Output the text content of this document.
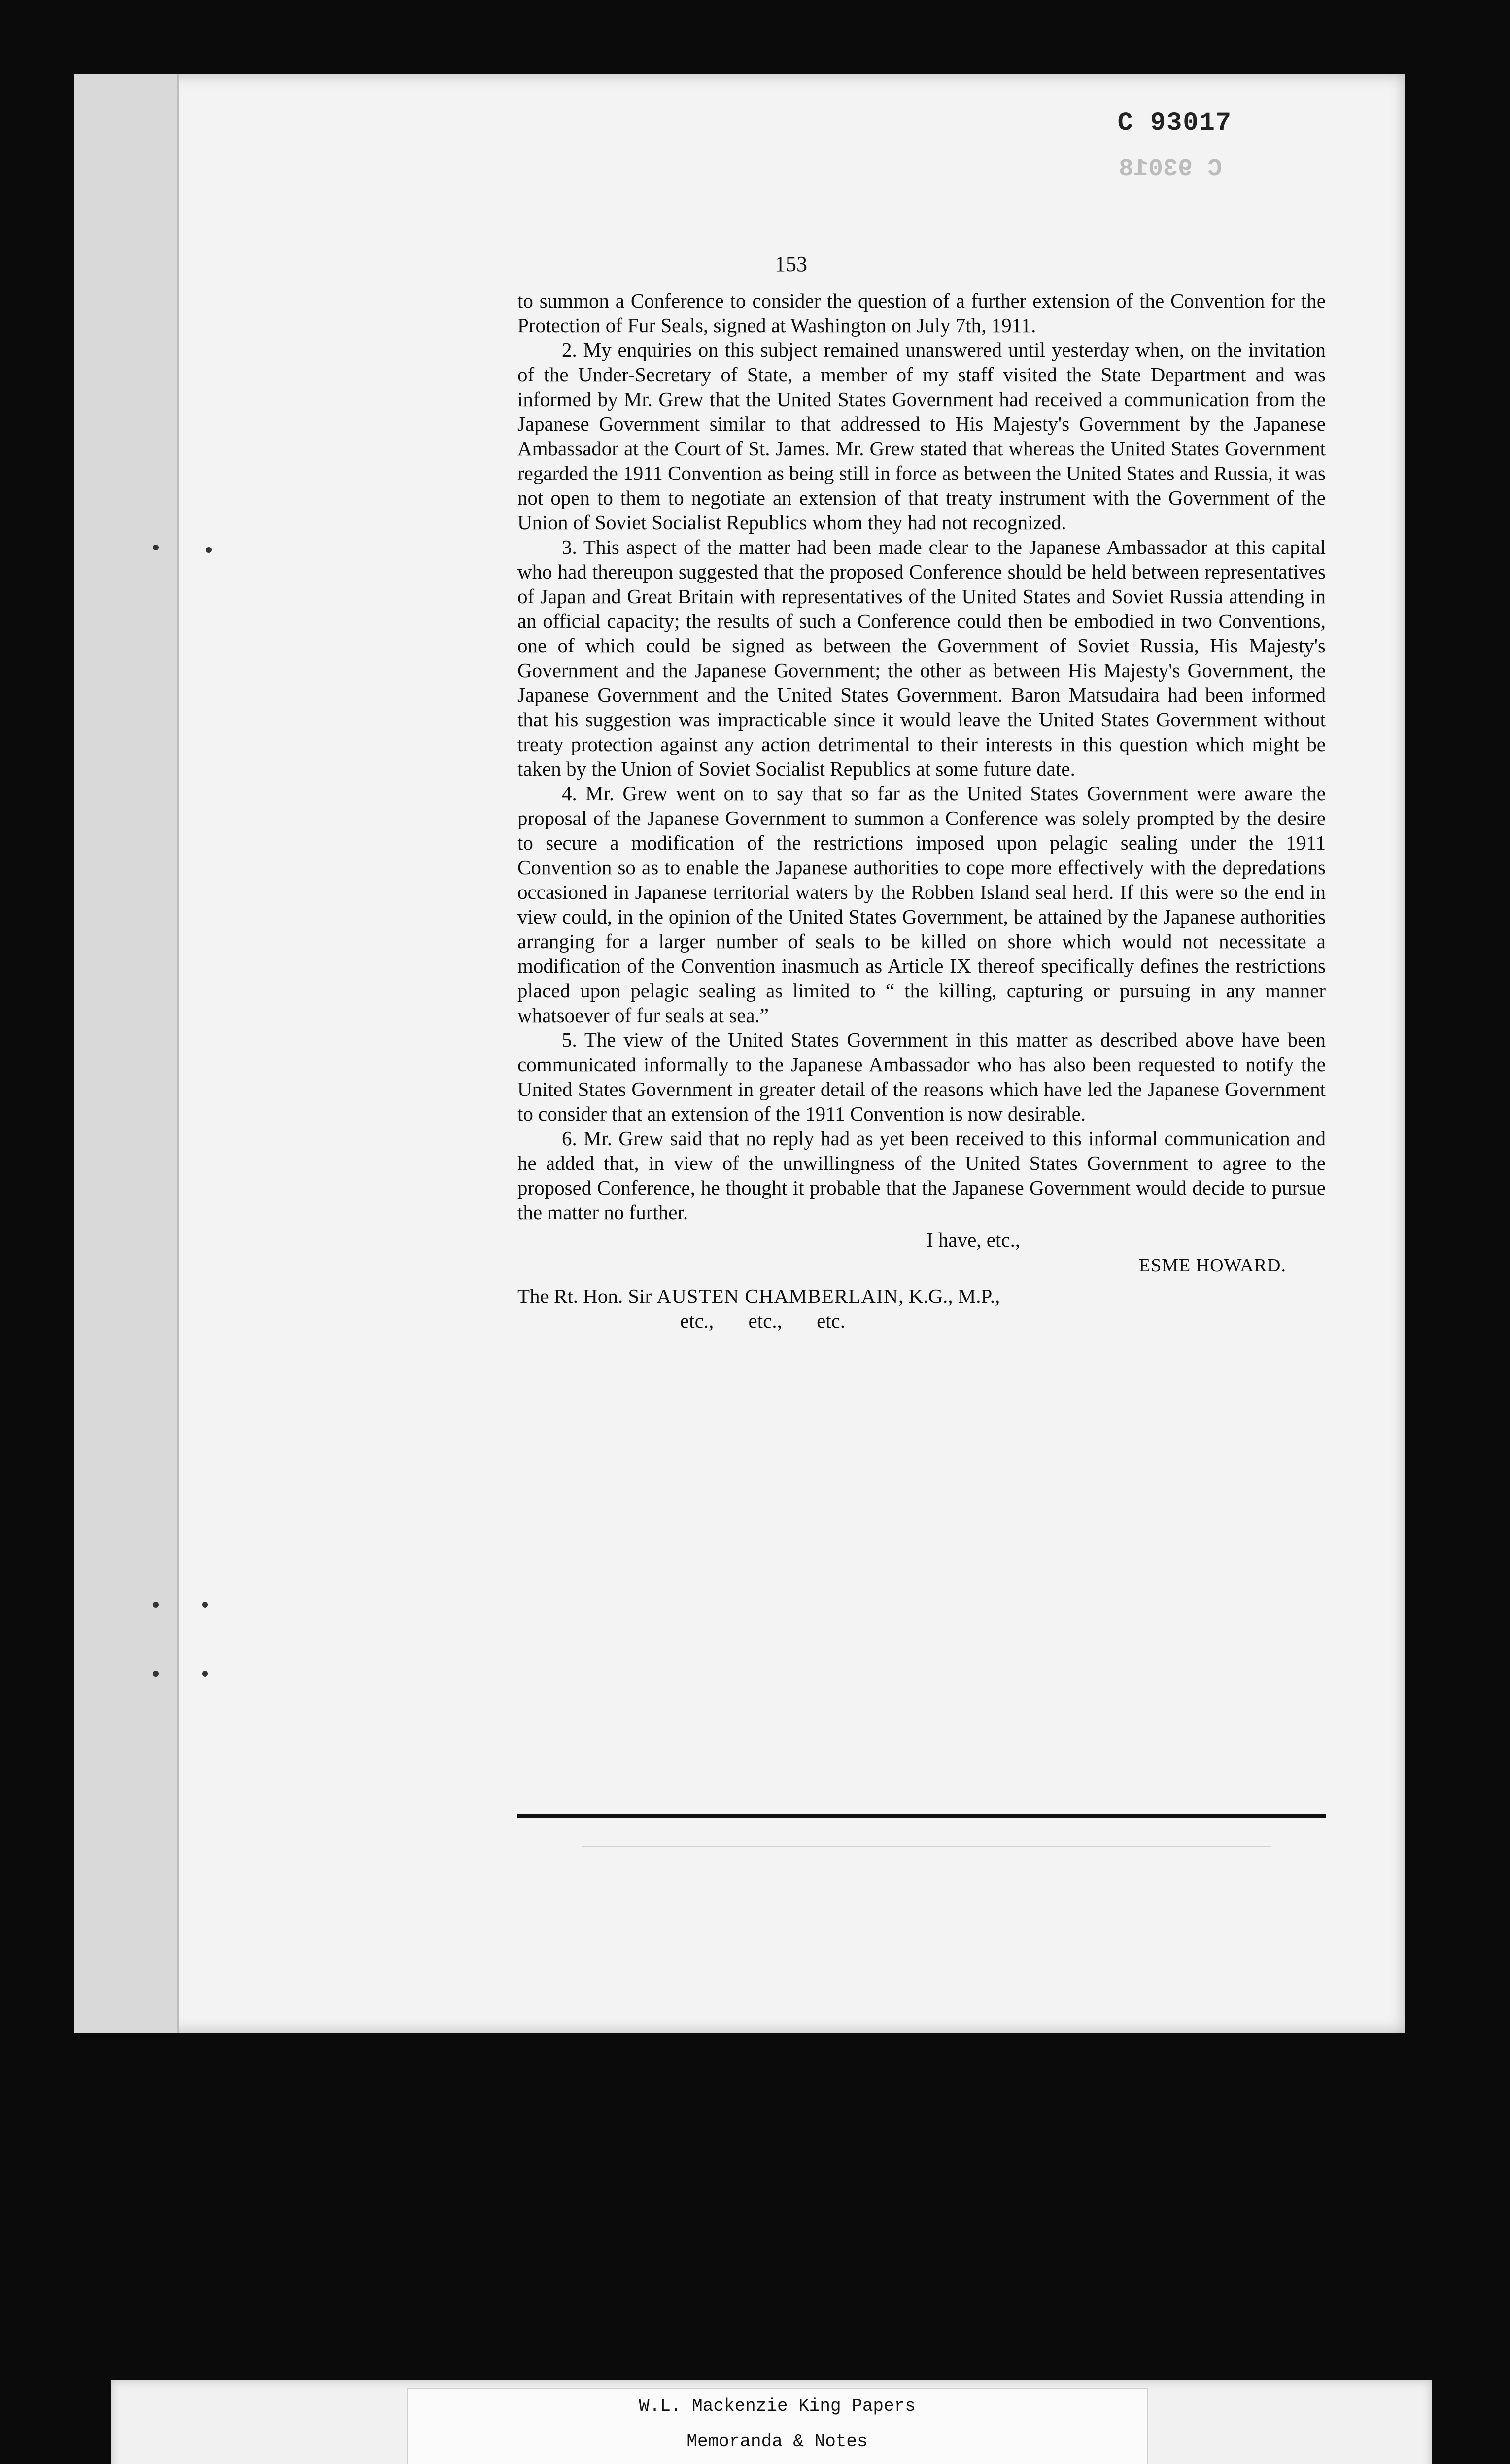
C 93018
C 93017
153

to summon a Conference to consider the question of a further extension of the Convention for the Protection of Fur Seals, signed at Washington on July 7th, 1911.

2. My enquiries on this subject remained unanswered until yesterday when, on the invitation of the Under-Secretary of State, a member of my staff visited the State Department and was informed by Mr. Grew that the United States Government had received a communication from the Japanese Government similar to that addressed to His Majesty's Government by the Japanese Ambassador at the Court of St. James. Mr. Grew stated that whereas the United States Government regarded the 1911 Convention as being still in force as between the United States and Russia, it was not open to them to negotiate an extension of that treaty instrument with the Government of the Union of Soviet Socialist Republics whom they had not recognized.

3. This aspect of the matter had been made clear to the Japanese Ambassador at this capital who had thereupon suggested that the proposed Conference should be held between representatives of Japan and Great Britain with representatives of the United States and Soviet Russia attending in an official capacity; the results of such a Conference could then be embodied in two Conventions, one of which could be signed as between the Government of Soviet Russia, His Majesty's Government and the Japanese Government; the other as between His Majesty's Government, the Japanese Government and the United States Government. Baron Matsudaira had been informed that his suggestion was impracticable since it would leave the United States Government without treaty protection against any action detrimental to their interests in this question which might be taken by the Union of Soviet Socialist Republics at some future date.

4. Mr. Grew went on to say that so far as the United States Government were aware the proposal of the Japanese Government to summon a Conference was solely prompted by the desire to secure a modification of the restrictions imposed upon pelagic sealing under the 1911 Convention so as to enable the Japanese authorities to cope more effectively with the depredations occasioned in Japanese territorial waters by the Robben Island seal herd. If this were so the end in view could, in the opinion of the United States Government, be attained by the Japanese authorities arranging for a larger number of seals to be killed on shore which would not necessitate a modification of the Convention inasmuch as Article IX thereof specifically defines the restrictions placed upon pelagic sealing as limited to “ the killing, capturing or pursuing in any manner whatsoever of fur seals at sea.”

5. The view of the United States Government in this matter as described above have been communicated informally to the Japanese Ambassador who has also been requested to notify the United States Government in greater detail of the reasons which have led the Japanese Government to consider that an extension of the 1911 Convention is now desirable.

6. Mr. Grew said that no reply had as yet been received to this informal communication and he added that, in view of the unwillingness of the United States Government to agree to the proposed Conference, he thought it probable that the Japanese Government would decide to pursue the matter no further.

I have, etc.,
ESME HOWARD.
The Rt. Hon. Sir AUSTEN CHAMBERLAIN, K.G., M.P.,
etc., etc., etc.
W.L. Mackenzie King Papers
Memoranda & Notes
